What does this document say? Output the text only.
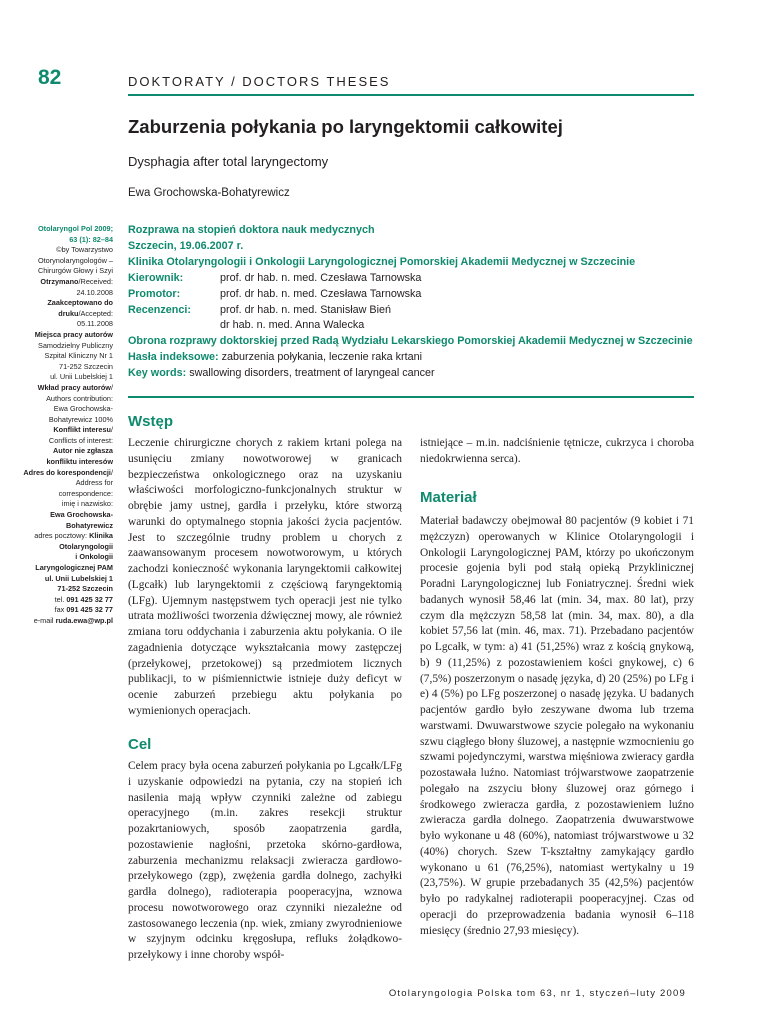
82	DOKTORATY / DOCTORS THESES
Zaburzenia połykania po laryngektomii całkowitej
Dysphagia after total laryngectomy
Ewa Grochowska-Bohatyrewicz
Otolaryngol Pol 2009;
63 (1): 82–84
©by Towarzystwo
Otorynolaryngologów –
Chirurgów Głowy i Szyi
Otrzymano/Received:
24.10.2008
Zaakceptowano do
druku/Accepted:
05.11.2008
Miejsca pracy autorów
Samodzielny Publiczny
Szpital Kliniczny Nr 1
71-252 Szczecin
ul. Unii Lubelskiej 1
Wkład pracy autorów/
Authors contribution:
Ewa Grochowska-
Bohatyrewicz 100%
Konflikt interesu/
Conflicts of interest:
Autor nie zgłasza
konfliktu interesów
Adres do korespondencji/
Address for
correspondence:
imię i nazwisko:
Ewa Grochowska-
Bohatyrewicz
adres pocztowy: Klinika
Otolaryngologii
i Onkologii
Laryngologicznej PAM
ul. Unii Lubelskiej 1
71-252 Szczecin
tel. 091 425 32 77
fax 091 425 32 77
e-mail ruda.ewa@wp.pl
Rozprawa na stopień doktora nauk medycznych
Szczecin, 19.06.2007 r.
Klinika Otolaryngologii i Onkologii Laryngologicznej Pomorskiej Akademii Medycznej w Szczecinie
Kierownik:	prof. dr hab. n. med. Czesława Tarnowska
Promotor:	prof. dr hab. n. med. Czesława Tarnowska
Recenzenci:	prof. dr hab. n. med. Stanisław Bień
dr hab. n. med. Anna Walecka
Obrona rozprawy doktorskiej przed Radą Wydziału Lekarskiego Pomorskiej Akademii Medycznej w Szczecinie
Hasła indeksowe: zaburzenia połykania, leczenie raka krtani
Key words: swallowing disorders, treatment of laryngeal cancer
Wstęp

Leczenie chirurgiczne chorych z rakiem krtani polega na usunięciu zmiany nowotworowej w granicach bezpieczeństwa onkologicznego oraz na uzyskaniu właściwości morfologiczno-funkcjonalnych struktur w obrębie jamy ustnej, gardła i przełyku, które stworzą warunki do optymalnego stopnia jakości życia pacjentów. Jest to szczególnie trudny problem u chorych z zaawansowanym procesem nowotworowym, u których zachodzi konieczność wykonania laryngektomii całkowitej (Lgcałk) lub laryngektomii z częściową faryngektomią (LFg). Ujemnym następstwem tych operacji jest nie tylko utrata możliwości tworzenia dźwięcznej mowy, ale również zmiana toru oddychania i zaburzenia aktu połykania. O ile zagadnienia dotyczące wykształcania mowy zastępczej (przełykowej, przetokowej) są przedmiotem licznych publikacji, to w piśmiennictwie istnieje duży deficyt w ocenie zaburzeń przebiegu aktu połykania po wymienionych operacjach.

Cel

Celem pracy była ocena zaburzeń połykania po Lgcałk/LFg i uzyskanie odpowiedzi na pytania, czy na stopień ich nasilenia mają wpływ czynniki zależne od zabiegu operacyjnego (m.in. zakres resekcji struktur pozakrtaniowych, sposób zaopatrzenia gardła, pozostawienie nagłośni, przetoka skórno-gardłowa, zaburzenia mechanizmu relaksacji zwieracza gardłowo-przełykowego (zgp), zwężenia gardła dolnego, zachyłki gardła dolnego), radioterapia pooperacyjna, wznowa procesu nowotworowego oraz czynniki niezależne od zastosowanego leczenia (np. wiek, zmiany zwyrodnieniowe w szyjnym odcinku kręgosłupa, refluks żołądkowo-przełykowy i inne choroby współ-

istniejące – m.in. nadciśnienie tętnicze, cukrzyca i choroba niedokrwienna serca).

Materiał

Materiał badawczy obejmował 80 pacjentów (9 kobiet i 71 mężczyzn) operowanych w Klinice Otolaryngologii i Onkologii Laryngologicznej PAM, którzy po ukończonym procesie gojenia byli pod stałą opieką Przyklinicznej Poradni Laryngologicznej lub Foniatrycznej. Średni wiek badanych wynosił 58,46 lat (min. 34, max. 80 lat), przy czym dla mężczyzn 58,58 lat (min. 34, max. 80), a dla kobiet 57,56 lat (min. 46, max. 71). Przebadano pacjentów po Lgcałk, w tym: a) 41 (51,25%) wraz z kością gnykową, b) 9 (11,25%) z pozostawieniem kości gnykowej, c) 6 (7,5%) poszerzonym o nasadę języka, d) 20 (25%) po LFg i e) 4 (5%) po LFg poszerzonej o nasadę języka. U badanych pacjentów gardło było zeszywane dwoma lub trzema warstwami. Dwuwarstwowe szycie polegało na wykonaniu szwu ciągłego błony śluzowej, a następnie wzmocnieniu go szwami pojedynczymi, warstwa mięśniowa zwieracy gardła pozostawała luźno. Natomiast trójwarstwowe zaopatrzenie polegało na zszyciu błony śluzowej oraz górnego i środkowego zwieracza gardła, z pozostawieniem luźno zwieracza gardła dolnego. Zaopatrzenia dwuwarstwowe było wykonane u 48 (60%), natomiast trójwarstwowe u 32 (40%) chorych. Szew T-kształtny zamykający gardło wykonano u 61 (76,25%), natomiast wertykalny u 19 (23,75%). W grupie przebadanych 35 (42,5%) pacjentów było po radykalnej radioterapii pooperacyjnej. Czas od operacji do przeprowadzenia badania wynosił 6–118 miesięcy (średnio 27,93 miesięcy).

Otolaryngologia Polska tom 63, nr 1, styczeń–luty 2009
